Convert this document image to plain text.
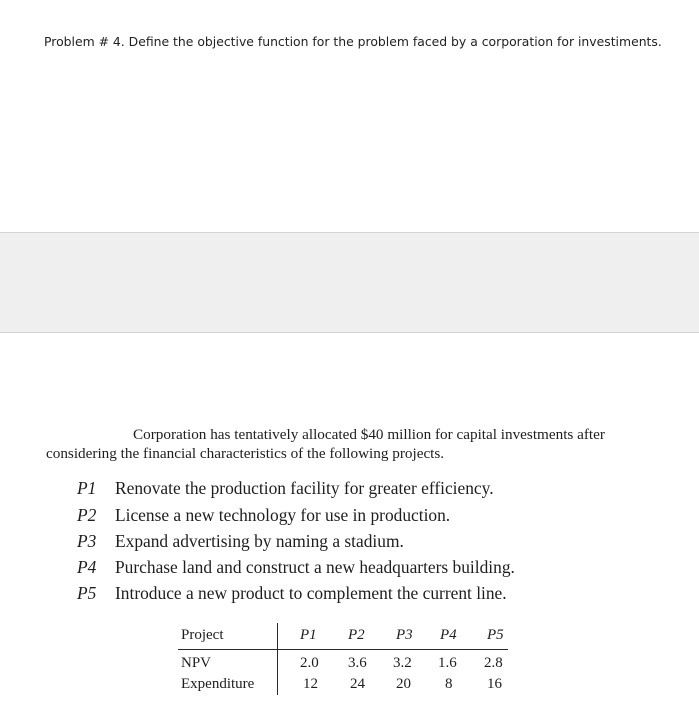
Problem # 4. Define the objective function for the problem faced by a corporation for investiments.
Corporation has tentatively allocated $40 million for capital investments after
considering the financial characteristics of the following projects.
P1 Renovate the production facility for greater efficiency.
P2 License a new technology for use in production.
P3 Expand advertising by naming a stadium.
P4 Purchase land and construct a new headquarters building.
P5 Introduce a new product to complement the current line.
Project	P1 P2 P3 P4 P5
NPV	2.0 3.6 3.2 1.6 2.8
Expenditure	12 24 20 8 16
